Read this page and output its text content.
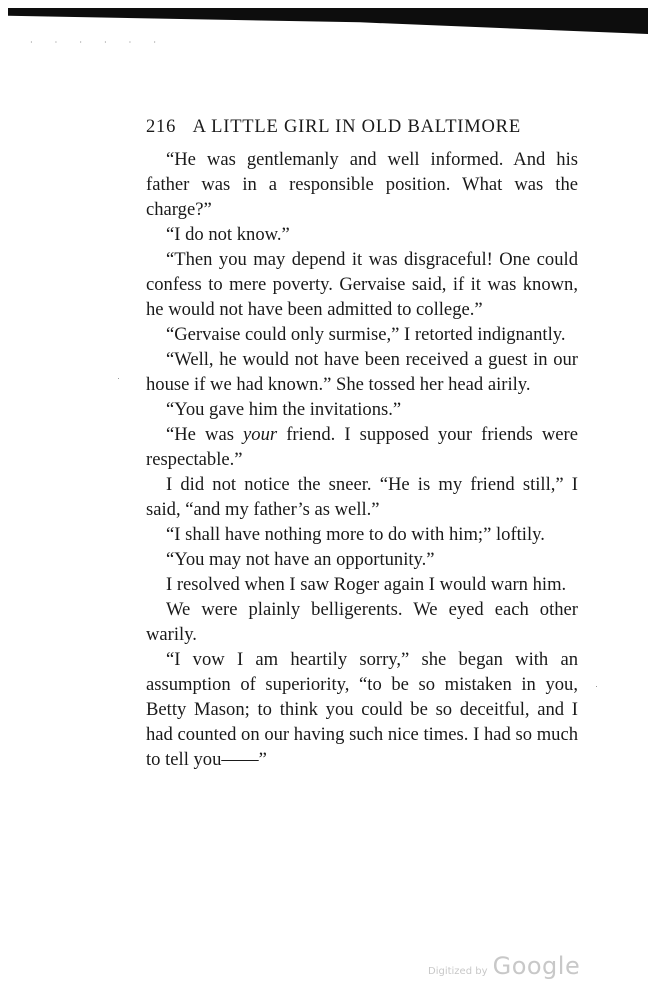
· · · · · ·
216 A LITTLE GIRL IN OLD BALTIMORE

“He was gentlemanly and well informed. And his father was in a responsible position. What was the charge?”

“I do not know.”

“Then you may depend it was disgraceful! One could confess to mere poverty. Gervaise said, if it was known, he would not have been admitted to college.”

“Gervaise could only surmise,” I retorted indignantly.

“Well, he would not have been received a guest in our house if we had known.” She tossed her head airily.

“You gave him the invitations.”

“He was your friend. I supposed your friends were respectable.”

I did not notice the sneer. “He is my friend still,” I said, “and my father’s as well.”

“I shall have nothing more to do with him;” loftily.

“You may not have an opportunity.”

I resolved when I saw Roger again I would warn him.

We were plainly belligerents. We eyed each other warily.

“I vow I am heartily sorry,” she began with an assumption of superiority, “to be so mistaken in you, Betty Mason; to think you could be so deceitful, and I had counted on our having such nice times. I had so much to tell you——”

Digitized by Google
